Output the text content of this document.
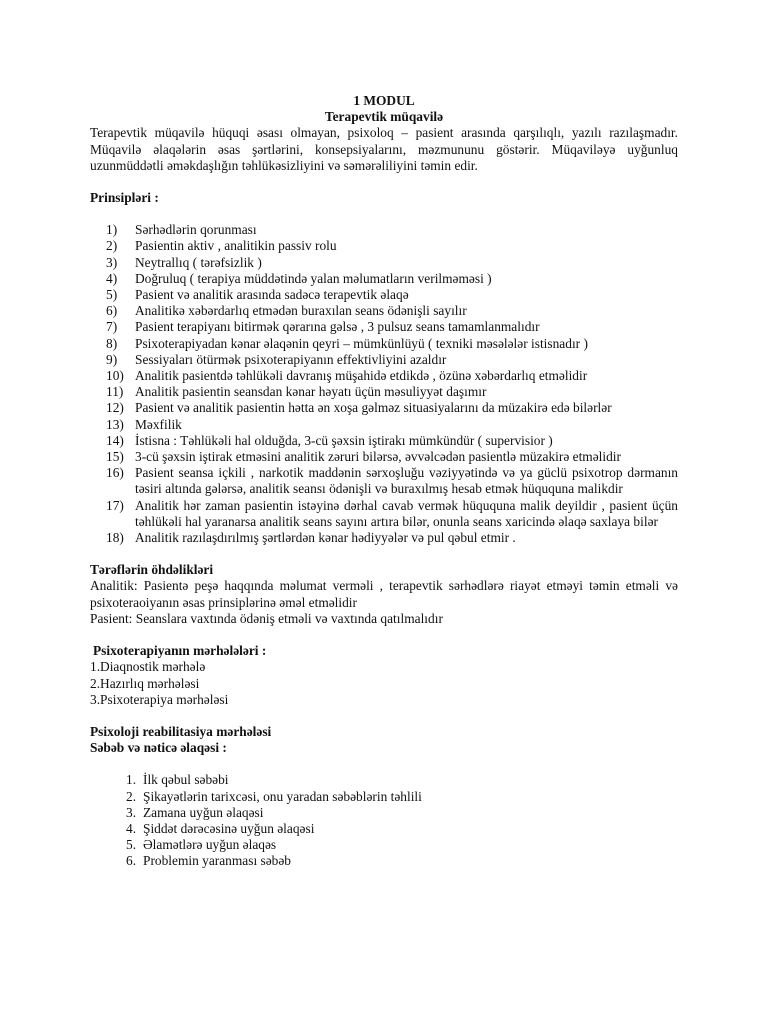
1 MODUL
Terapevtik müqavilə
Terapevtik müqavilə hüquqi əsası olmayan, psixoloq – pasient arasında qarşılıqlı, yazılı razılaşmadır. Müqavilə əlaqələrin əsas şərtlərini, konsepsiyalarını, məzmununu göstərir. Müqaviləyə uyğunluq uzunmüddətli əməkdaşlığın təhlükəsizliyini və səmərəliliyini təmin edir.
Prinsipləri :
1)	Sərhədlərin qorunması
2)	Pasientin aktiv , analitikin passiv rolu
3)	Neytrallıq ( tərəfsizlik )
4)	Doğruluq ( terapiya müddətində yalan məlumatların verilməməsi )
5)	Pasient və analitik arasında sadəcə terapevtik əlaqə
6)	Analitikə xəbərdarlıq etmədən buraxılan seans ödənişli sayılır
7)	Pasient terapiyanı bitirmək qərarına gəlsə , 3 pulsuz seans tamamlanmalıdır
8)	Psixoterapiyadan kənar əlaqənin qeyri – mümkünlüyü ( texniki məsələlər istisnadır )
9)	Sessiyaları ötürmək psixoterapiyanın effektivliyini azaldır
10) Analitik pasientdə təhlükəli davranış müşahidə etdikdə , özünə xəbərdarlıq etməlidir
11) Analitik pasientin seansdan kənar həyatı üçün məsuliyyət daşımır
12) Pasient və analitik pasientin hətta ən xoşa gəlməz situasiyalarını da müzakirə edə bilərlər
13) Məxfilik
14) İstisna : Təhlükəli hal olduğda, 3-cü şəxsin iştirakı mümkündür ( supervisior )
15) 3-cü şəxsin iştirak etməsini analitik zəruri bilərsə, əvvəlcədən pasientlə müzakirə etməlidir
16) Pasient seansa içkili , narkotik maddənin sərxoşluğu vəziyyətində və ya güclü psixotrop dərmanın təsiri altında gələrsə, analitik seansı ödənişli və buraxılmış hesab etmək hüququna malikdir
17) Analitik hər zaman pasientin istəyinə dərhal cavab vermək hüququna malik deyildir , pasient üçün təhlükəli hal yaranarsa analitik seans sayını artıra bilər, onunla seans xaricində əlaqə saxlaya bilər
18) Analitik razılaşdırılmış şərtlərdən kənar hədiyyələr və pul qəbul etmir .
Tərəflərin öhdəlikləri
Analitik: Pasientə peşə haqqında məlumat verməli , terapevtik sərhədlərə riayət etməyi təmin etməli və psixoteraoiyanın əsas prinsiplərinə əməl etməlidir
Pasient: Seanslara vaxtında ödəniş etməli və vaxtında qatılmalıdır
Psixoterapiyanın mərhələləri :
1.Diaqnostik mərhələ
2.Hazırlıq mərhələsi
3.Psixoterapiya mərhələsi
Psixoloji reabilitasiya mərhələsi
Səbəb və nəticə əlaqəsi :
1. İlk qəbul səbəbi
2. Şikayətlərin tarixcəsi, onu yaradan səbəblərin təhlili
3. Zamana uyğun əlaqəsi
4. Şiddət dərəcəsinə uyğun əlaqəsi
5. Əlamətlərə uyğun əlaqəs
6. Problemin yaranması səbəb
